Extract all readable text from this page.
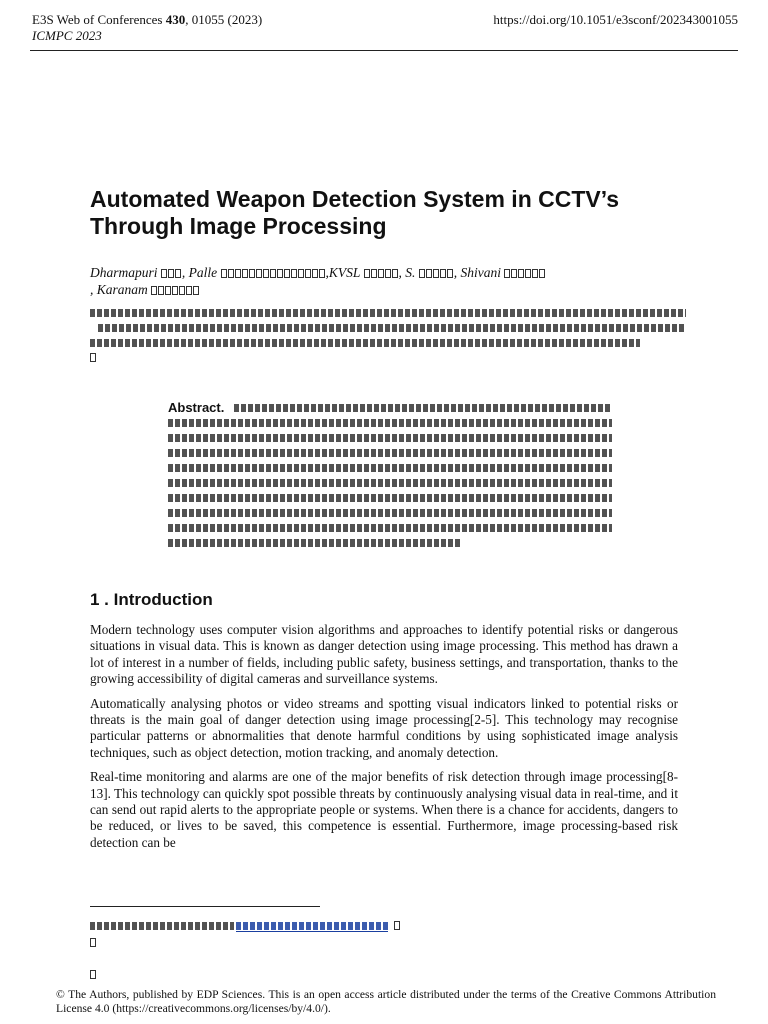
E3S Web of Conferences 430, 01055 (2023)
ICMPC 2023
https://doi.org/10.1051/e3sconf/202343001055
Automated Weapon Detection System in CCTV’s Through Image Processing
Dharmapuri , Palle	,KVSL	, S.	, Shivani
, Karanam
Abstract.
1 . Introduction

Modern technology uses computer vision algorithms and approaches to identify potential risks or dangerous situations in visual data. This is known as danger detection using image processing. This method has drawn a lot of interest in a number of fields, including public safety, business settings, and transportation, thanks to the growing accessibility of digital cameras and surveillance systems.

Automatically analysing photos or video streams and spotting visual indicators linked to potential risks or threats is the main goal of danger detection using image processing[2-5]. This technology may recognise particular patterns or abnormalities that denote harmful conditions by using sophisticated image analysis techniques, such as object detection, motion tracking, and anomaly detection.

Real-time monitoring and alarms are one of the major benefits of risk detection through image processing[8-13]. This technology can quickly spot possible threats by continuously analysing visual data in real-time, and it can send out rapid alerts to the appropriate people or systems. When there is a chance for accidents, dangers to be reduced, or lives to be saved, this competence is essential. Furthermore, image processing-based risk detection can be

© The Authors, published by EDP Sciences. This is an open access article distributed under the terms of the Creative Commons Attribution License 4.0 (https://creativecommons.org/licenses/by/4.0/).
